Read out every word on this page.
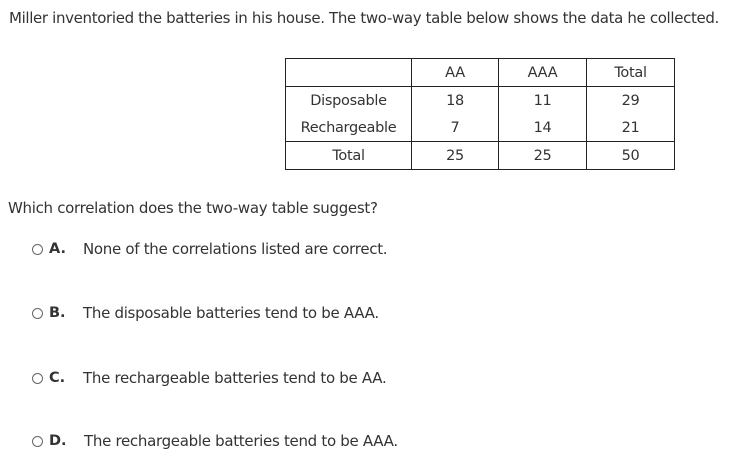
Miller inventoried the batteries in his house. The two-way table below shows the data he collected.
	AA	AAA	Total
Disposable	18	11	29
Rechargeable	7	14	21
Total	25	25	50
Which correlation does the two-way table suggest?
A.	None of the correlations listed are correct.
B.	The disposable batteries tend to be AAA.
C.	The rechargeable batteries tend to be AA.
D.	The rechargeable batteries tend to be AAA.
